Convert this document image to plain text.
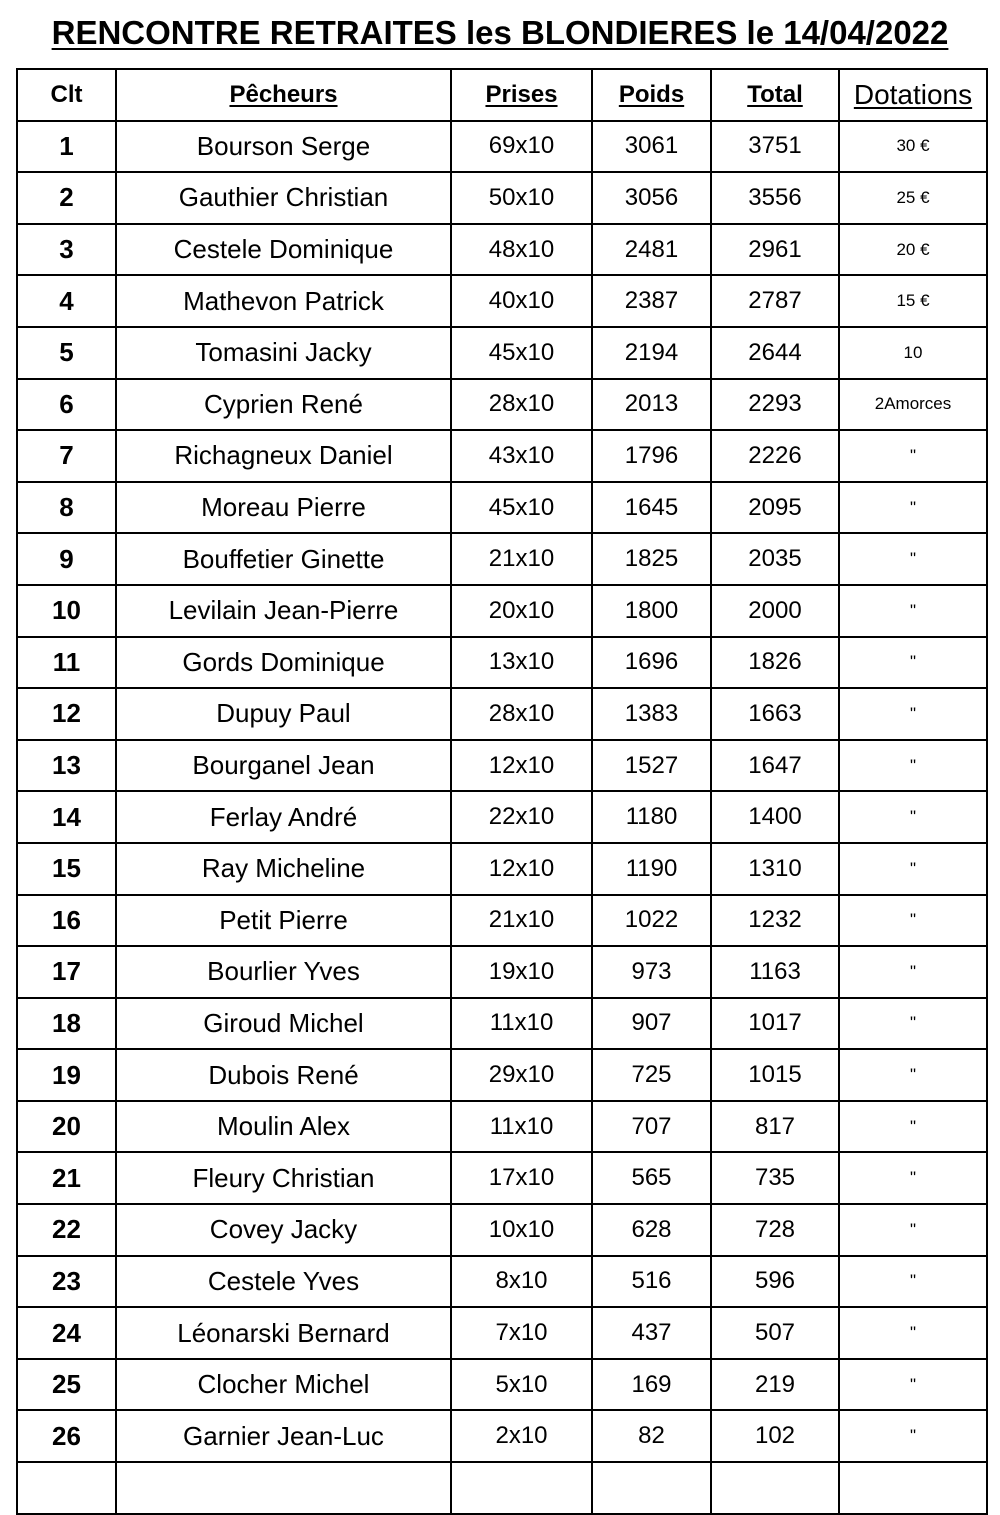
RENCONTRE RETRAITES les BLONDIERES le 14/04/2022
Clt	Pêcheurs	Prises	Poids	Total	Dotations
1	Bourson Serge	69x10	3061	3751	30 €
2	Gauthier Christian	50x10	3056	3556	25 €
3	Cestele Dominique	48x10	2481	2961	20 €
4	Mathevon Patrick	40x10	2387	2787	15 €
5	Tomasini Jacky	45x10	2194	2644	10
6	Cyprien René	28x10	2013	2293	2Amorces
7	Richagneux Daniel	43x10	1796	2226	"
8	Moreau Pierre	45x10	1645	2095	"
9	Bouffetier Ginette	21x10	1825	2035	"
10	Levilain Jean-Pierre	20x10	1800	2000	"
11	Gords Dominique	13x10	1696	1826	"
12	Dupuy Paul	28x10	1383	1663	"
13	Bourganel Jean	12x10	1527	1647	"
14	Ferlay André	22x10	1180	1400	"
15	Ray Micheline	12x10	1190	1310	"
16	Petit Pierre	21x10	1022	1232	"
17	Bourlier Yves	19x10	973	1163	"
18	Giroud Michel	11x10	907	1017	"
19	Dubois René	29x10	725	1015	"
20	Moulin Alex	11x10	707	817	"
21	Fleury Christian	17x10	565	735	"
22	Covey Jacky	10x10	628	728	"
23	Cestele Yves	8x10	516	596	"
24	Léonarski Bernard	7x10	437	507	"
25	Clocher Michel	5x10	169	219	"
26	Garnier Jean-Luc	2x10	82	102	"
